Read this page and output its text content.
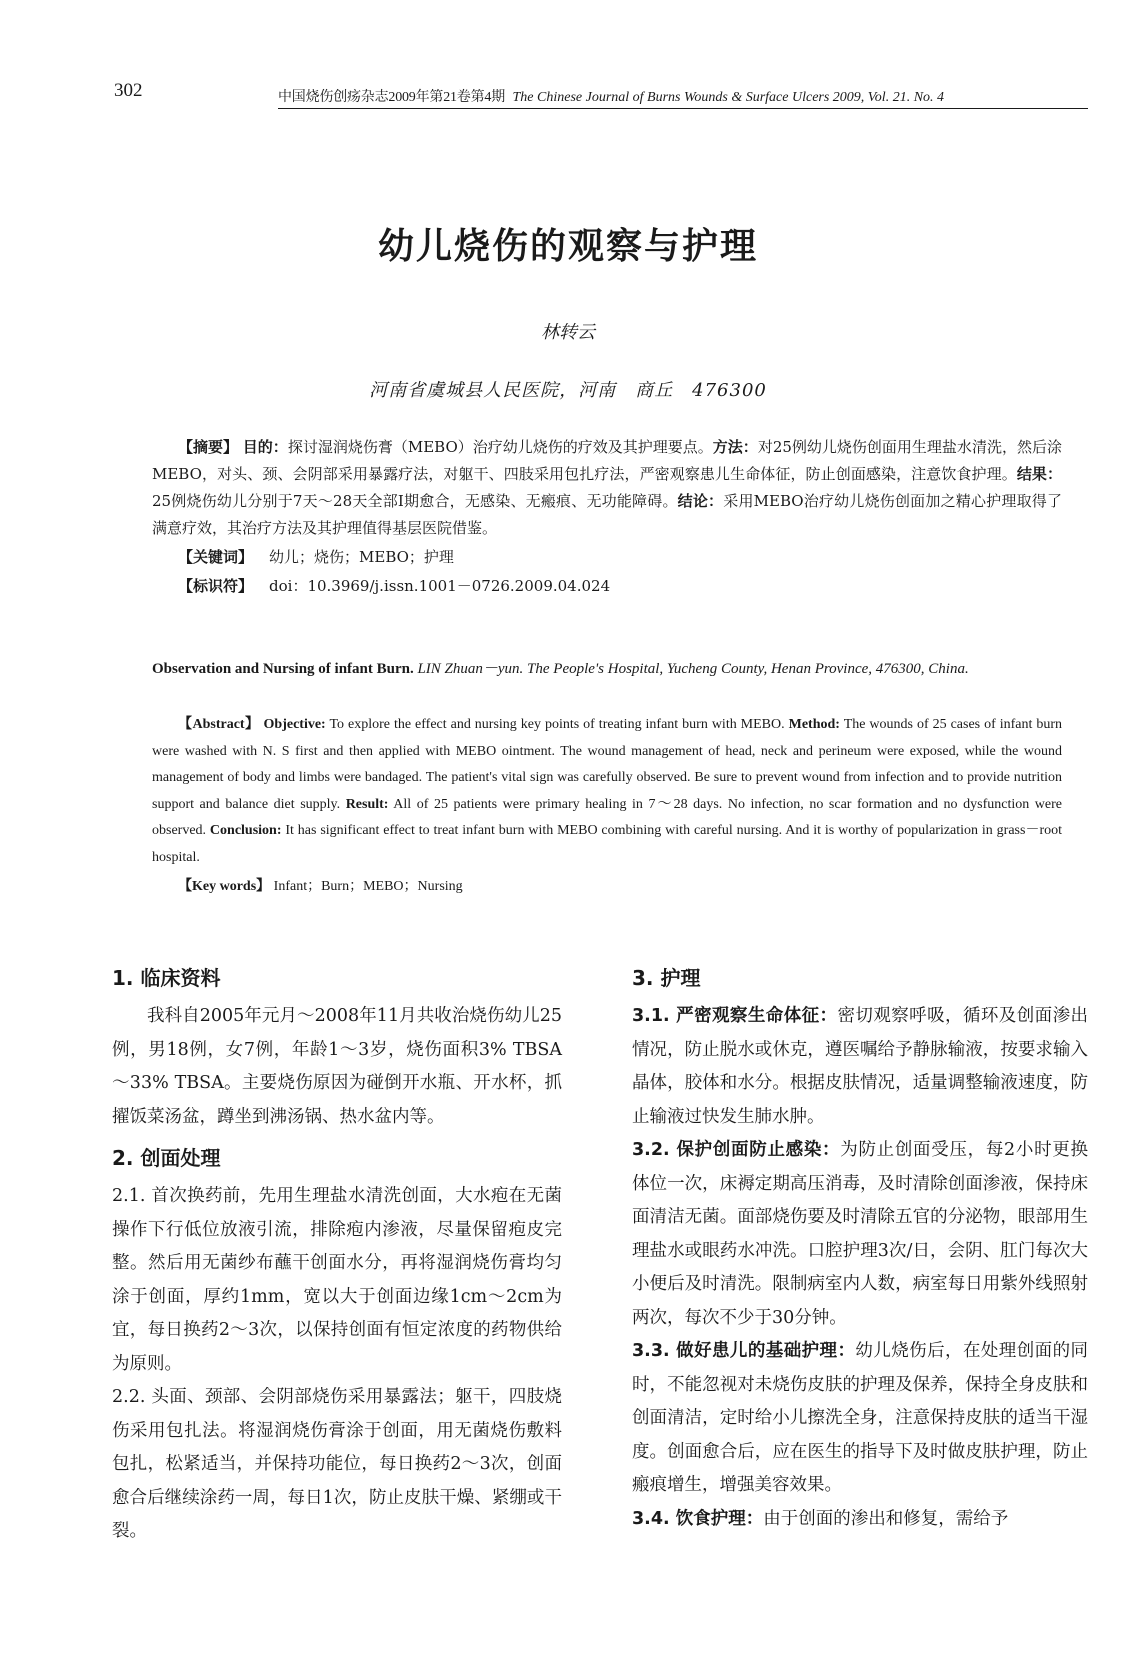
302	中国烧伤创疡杂志2009年第21卷第4期 The Chinese Journal of Burns Wounds & Surface Ulcers 2009, Vol. 21. No. 4
幼儿烧伤的观察与护理
林转云
河南省虞城县人民医院，河南　商丘　476300
【摘要】 目的：探讨湿润烧伤膏（MEBO）治疗幼儿烧伤的疗效及其护理要点。方法：对25例幼儿烧伤创面用生理盐水清洗，然后涂MEBO，对头、颈、会阴部采用暴露疗法，对躯干、四肢采用包扎疗法，严密观察患儿生命体征，防止创面感染，注意饮食护理。结果：25例烧伤幼儿分别于7天～28天全部Ⅰ期愈合，无感染、无瘢痕、无功能障碍。结论：采用MEBO治疗幼儿烧伤创面加之精心护理取得了满意疗效，其治疗方法及其护理值得基层医院借鉴。
【关键词】 幼儿；烧伤；MEBO；护理
【标识符】 doi：10.3969/j.issn.1001－0726.2009.04.024
Observation and Nursing of infant Burn. LIN Zhuan－yun. The People's Hospital, Yucheng County, Henan Province, 476300, China.
【Abstract】 Objective: To explore the effect and nursing key points of treating infant burn with MEBO. Method: The wounds of 25 cases of infant burn were washed with N. S first and then applied with MEBO ointment. The wound management of head, neck and perineum were exposed, while the wound management of body and limbs were bandaged. The patient's vital sign was carefully observed. Be sure to prevent wound from infection and to provide nutrition support and balance diet supply. Result: All of 25 patients were primary healing in 7～28 days. No infection, no scar formation and no dysfunction were observed. Conclusion: It has significant effect to treat infant burn with MEBO combining with careful nursing. And it is worthy of popularization in grass－root hospital.
【Key words】 Infant；Burn；MEBO；Nursing
1. 临床资料

我科自2005年元月～2008年11月共收治烧伤幼儿25例，男18例，女7例，年龄1～3岁，烧伤面积3% TBSA～33% TBSA。主要烧伤原因为碰倒开水瓶、开水杯，抓擢饭菜汤盆，蹲坐到沸汤锅、热水盆内等。

2. 创面处理

2.1. 首次换药前，先用生理盐水清洗创面，大水疱在无菌操作下行低位放液引流，排除疱内渗液，尽量保留疱皮完整。然后用无菌纱布蘸干创面水分，再将湿润烧伤膏均匀涂于创面，厚约1mm，宽以大于创面边缘1cm～2cm为宜，每日换药2～3次，以保持创面有恒定浓度的药物供给为原则。

2.2. 头面、颈部、会阴部烧伤采用暴露法；躯干，四肢烧伤采用包扎法。将湿润烧伤膏涂于创面，用无菌烧伤敷料包扎，松紧适当，并保持功能位，每日换药2～3次，创面愈合后继续涂药一周，每日1次，防止皮肤干燥、紧绷或干裂。

3. 护理

3.1. 严密观察生命体征：密切观察呼吸，循环及创面渗出情况，防止脱水或休克，遵医嘱给予静脉输液，按要求输入晶体，胶体和水分。根据皮肤情况，适量调整输液速度，防止输液过快发生肺水肿。

3.2. 保护创面防止感染：为防止创面受压，每2小时更换体位一次，床褥定期高压消毒，及时清除创面渗液，保持床面清洁无菌。面部烧伤要及时清除五官的分泌物，眼部用生理盐水或眼药水冲洗。口腔护理3次/日，会阴、肛门每次大小便后及时清洗。限制病室内人数，病室每日用紫外线照射两次，每次不少于30分钟。

3.3. 做好患儿的基础护理：幼儿烧伤后，在处理创面的同时，不能忽视对未烧伤皮肤的护理及保养，保持全身皮肤和创面清洁，定时给小儿擦洗全身，注意保持皮肤的适当干湿度。创面愈合后，应在医生的指导下及时做皮肤护理，防止瘢痕增生，增强美容效果。

3.4. 饮食护理：由于创面的渗出和修复，需给予
